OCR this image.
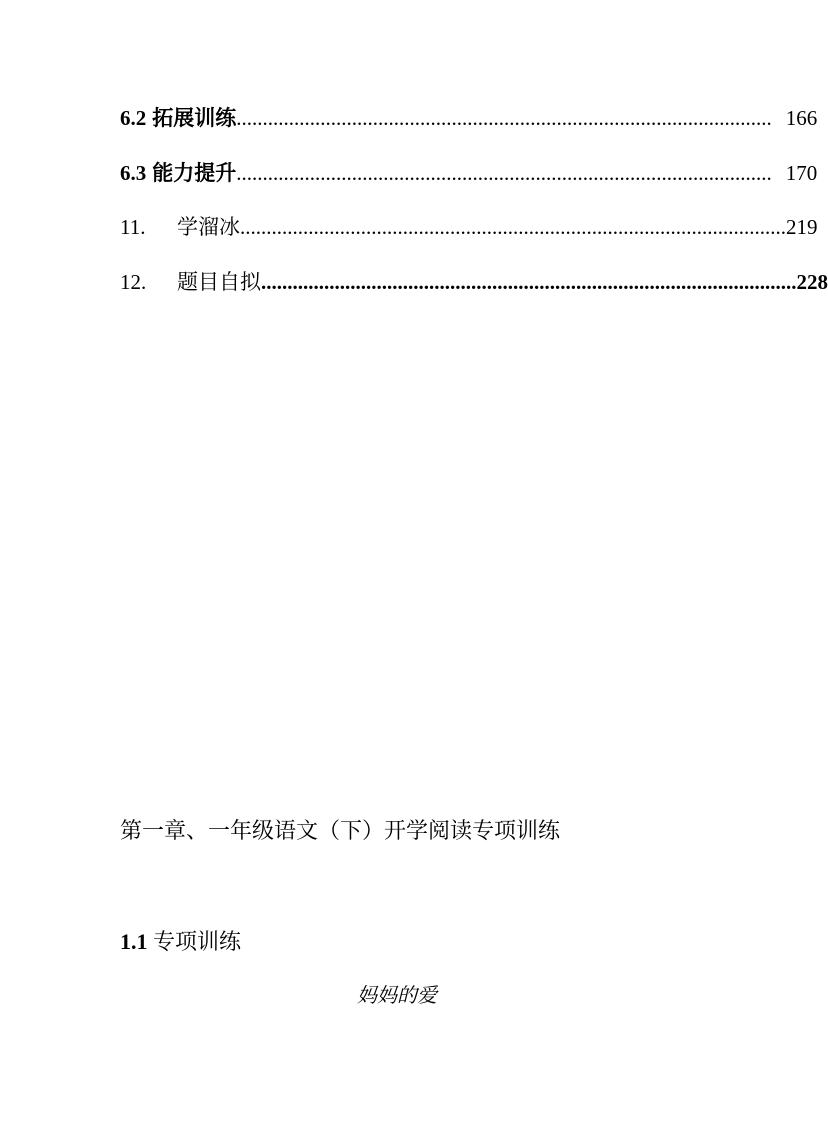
6.2 拓展训练 ...................................................................................................... 166
6.3 能力提升 ...................................................................................................... 170
11.	学溜冰 ...................................................................................................... ..219
12.	题目自拟 ...................................................................................................... 228
第一章、一年级语文（下）开学阅读专项训练
1.1 专项训练
妈妈的爱
